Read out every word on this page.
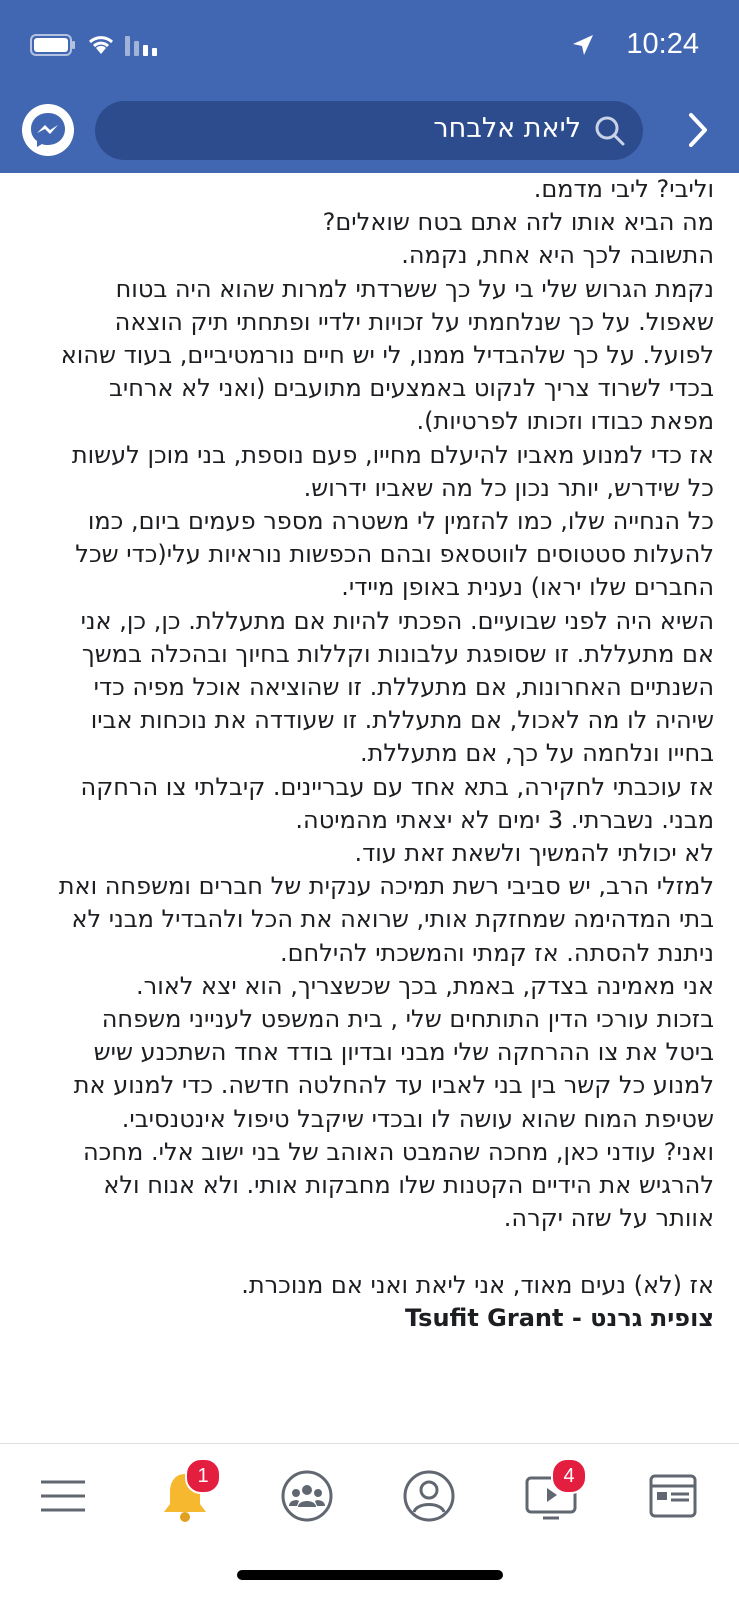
10:24
ליאת אלבחר

וליבי? ליבי מדמם.

מה הביא אותו לזה אתם בטח שואלים?

התשובה לכך היא אחת, נקמה.

נקמת הגרוש שלי בי על כך ששרדתי למרות שהוא היה בטוח

שאפול. על כך שנלחמתי על זכויות ילדיי ופתחתי תיק הוצאה

לפועל. על כך שלהבדיל ממנו, לי יש חיים נורמטיביים, בעוד שהוא

בכדי לשרוד צריך לנקוט באמצעים מתועבים (ואני לא ארחיב

מפאת כבודו וזכותו לפרטיות).

אז כדי למנוע מאביו להיעלם מחייו, פעם נוספת, בני מוכן לעשות

כל שידרש, יותר נכון כל מה שאביו ידרוש.

כל הנחייה שלו, כמו להזמין לי משטרה מספר פעמים ביום, כמו

להעלות סטטוסים לווטסאפ ובהם הכפשות נוראיות עלי(כדי שכל

החברים שלו יראו) נענית באופן מיידי.

השיא היה לפני שבועיים. הפכתי להיות אם מתעללת. כן, כן, אני

אם מתעללת. זו שסופגת עלבונות וקללות בחיוך ובהכלה במשך

השנתיים האחרונות, אם מתעללת. זו שהוציאה אוכל מפיה כדי

שיהיה לו מה לאכול, אם מתעללת. זו שעודדה את נוכחות אביו

בחייו ונלחמה על כך, אם מתעללת.

אז עוכבתי לחקירה, בתא אחד עם עבריינים. קיבלתי צו הרחקה

מבני. נשברתי. 3 ימים לא יצאתי מהמיטה.

לא יכולתי להמשיך ולשאת זאת עוד.

למזלי הרב, יש סביבי רשת תמיכה ענקית של חברים ומשפחה ואת

בתי המדהימה שמחזקת אותי, שרואה את הכל ולהבדיל מבני לא

ניתנת להסתה. אז קמתי והמשכתי להילחם.

אני מאמינה בצדק, באמת, בכך שכשצריך, הוא יצא לאור.

בזכות עורכי הדין התותחים שלי , בית המשפט לענייני משפחה

ביטל את צו ההרחקה שלי מבני ובדיון בודד אחד השתכנע שיש

למנוע כל קשר בין בני לאביו עד להחלטה חדשה. כדי למנוע את

שטיפת המוח שהוא עושה לו ובכדי שיקבל טיפול אינטנסיבי.

ואני? עודני כאן, מחכה שהמבט האוהב של בני ישוב אלי. מחכה

להרגיש את הידיים הקטנות שלו מחבקות אותי. ולא אנוח ולא

אוותר על שזה יקרה.

אז (לא) נעים מאוד, אני ליאת ואני אם מנוכרת.

צופית גרנט - Tsufit Grant

1	4
